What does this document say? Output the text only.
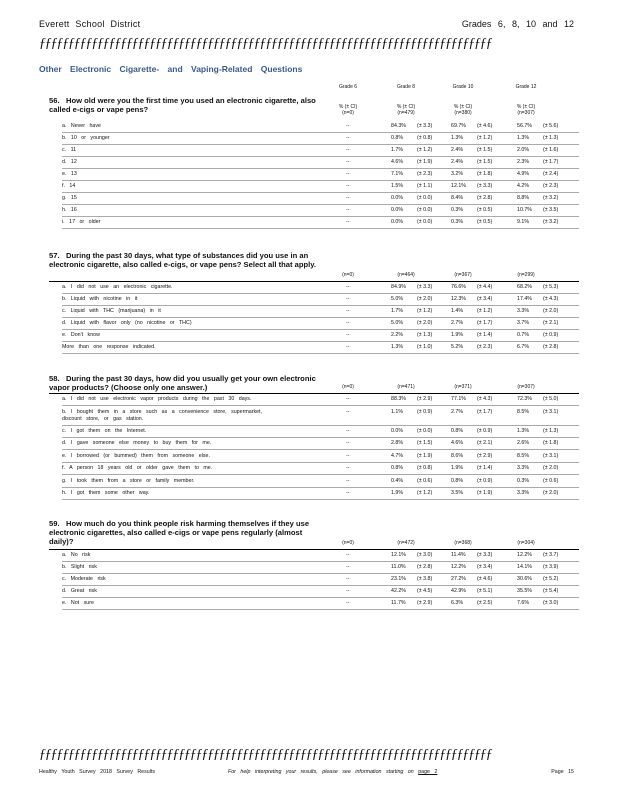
Everett School District	Grades 6, 8, 10 and 12
ƒƒƒƒƒƒƒƒƒƒƒƒƒƒƒƒƒƒƒƒƒƒƒƒƒƒƒƒƒƒƒƒƒƒƒƒƒƒƒƒƒƒƒƒƒƒƒƒƒƒƒƒƒƒƒƒƒƒƒƒƒƒƒƒƒƒƒƒƒƒƒƒƒƒƒƒƒƒ
Other Electronic Cigarette- and Vaping-Related Questions
Grade 6	Grade 8	Grade 10	Grade 12
56. How old were you the first time you used an electronic cigarette, also called e-cigs or vape pens?	% (± CI)
(n=0)
% (± CI)
(n=479)
% (± CI)
(n=380)
% (± CI)
(n=307)
a. Never have	--	84.3% (± 3.3)	69.7% (± 4.6)	56.7% (± 5.6)
b. 10 or younger	--	0.8%	(± 0.8)	1.3%	(± 1.2)	1.3%	(± 1.3)
c. 11	--	1.7%	(± 1.2)	2.4%	(± 1.5)	2.0%	(± 1.6)
d. 12	--	4.6%	(± 1.9)	2.4%	(± 1.5)	2.3%	(± 1.7)
e. 13	--	7.1%	(± 2.3)	3.2%	(± 1.8)	4.9%	(± 2.4)
f. 14	--	1.5%	(± 1.1)	12.1% (± 3.3)	4.2%	(± 2.3)
g. 15	--	0.0%	(± 0.0)	8.4%	(± 2.8)	8.8%	(± 3.2)
h. 16	--	0.0%	(± 0.0)	0.3%	(± 0.5)	10.7% (± 3.5)
i. 17 or older	--	0.0%	(± 0.0)	0.3%	(± 0.5)	9.1%	(± 3.2)
57. During the past 30 days, what type of substances did you use in an electronic cigarette, also called e-cigs, or vape pens? Select all that apply.
(n=0)	(n=464)	(n=367)	(n=299)
a. I did not use an electronic cigarette.	--	84.9% (± 3.3)	76.6% (± 4.4)	68.2% (± 5.3)
b. Liquid with nicotine in it	--	5.0%	(± 2.0)	12.3% (± 3.4)	17.4% (± 4.3)
c. Liquid with THC (marijuana) in it	--	1.7%	(± 1.2)	1.4%	(± 1.2)	3.3%	(± 2.0)
d. Liquid with flavor only (no nicotine or THC)	--	5.0%	(± 2.0)	2.7%	(± 1.7)	3.7%	(± 2.1)
e. Don't know	--	2.2%	(± 1.3)	1.9%	(± 1.4)	0.7%	(± 0.9)
More than one response indicated.	--	1.3%	(± 1.0)	5.2%	(± 2.3)	6.7%	(± 2.8)
58. During the past 30 days, how did you usually get your own electronic vapor products? (Choose only one answer.)	(n=0)	(n=471)	(n=371)	(n=307)
a. I did not use electronic vapor products during the past 30 days.	--	88.3% (± 2.9)	77.1% (± 4.3)	72.3% (± 5.0)
b. I bought them in a store such as a convenience store, supermarket,
discount store, or gas station.
--	1.1%	(± 0.9)	2.7%	(± 1.7)	8.5%	(± 3.1)
c. I got them on the Internet.	--	0.0%	(± 0.0)	0.8%	(± 0.9)	1.3%	(± 1.3)
d. I gave someone else money to buy them for me.	--	2.8%	(± 1.5)	4.6%	(± 2.1)	2.6%	(± 1.8)
e. I borrowed (or bummed) them from someone else.	--	4.7%	(± 1.9)	8.6%	(± 2.9)	8.5%	(± 3.1)
f. A person 18 years old or older gave them to me.	--	0.8%	(± 0.8)	1.9%	(± 1.4)	3.3%	(± 2.0)
g. I took them from a store or family member.	--	0.4%	(± 0.6)	0.8%	(± 0.9)	0.3%	(± 0.6)
h. I got them some other way.	--	1.9%	(± 1.2)	3.5%	(± 1.9)	3.3%	(± 2.0)
59. How much do you think people risk harming themselves if they use electronic cigarettes, also called e-cigs or vape pens regularly (almost daily)?	(n=0)	(n=472)	(n=368)	(n=304)
a. No risk	--	12.1% (± 3.0)	11.4% (± 3.3)	12.2% (± 3.7)
b. Slight risk	--	11.0% (± 2.8)	12.2% (± 3.4)	14.1% (± 3.9)
c. Moderate risk	--	23.1% (± 3.8)	27.2% (± 4.6)	30.6% (± 5.2)
d. Great risk	--	42.2% (± 4.5)	42.9% (± 5.1)	35.5% (± 5.4)
e. Not sure	--	11.7% (± 2.9)	6.3%	(± 2.5)	7.6%	(± 3.0)
ƒƒƒƒƒƒƒƒƒƒƒƒƒƒƒƒƒƒƒƒƒƒƒƒƒƒƒƒƒƒƒƒƒƒƒƒƒƒƒƒƒƒƒƒƒƒƒƒƒƒƒƒƒƒƒƒƒƒƒƒƒƒƒƒƒƒƒƒƒƒƒƒƒƒƒƒƒƒ
Healthy Youth Survey 2018 Survey Results	For help interpreting your results, please see information starting on page 2	Page 15
